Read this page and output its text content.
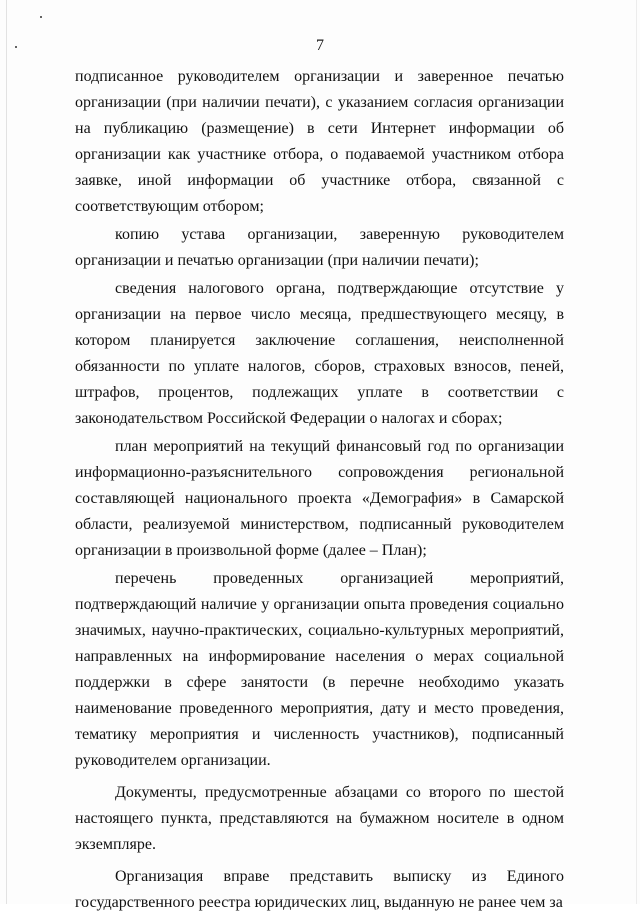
7

подписанное руководителем организации и заверенное печатью организации (при наличии печати), с указанием согласия организации на публикацию (размещение) в сети Интернет информации об организации как участнике отбора, о подаваемой участником отбора заявке, иной информации об участнике отбора, связанной с соответствующим отбором;

копию устава организации, заверенную руководителем организации и печатью организации (при наличии печати);

сведения налогового органа, подтверждающие отсутствие у организации на первое число месяца, предшествующего месяцу, в котором планируется заключение соглашения, неисполненной обязанности по уплате налогов, сборов, страховых взносов, пеней, штрафов, процентов, подлежащих уплате в соответствии с законодательством Российской Федерации о налогах и сборах;

план мероприятий на текущий финансовый год по организации информационно-разъяснительного сопровождения региональной составляющей национального проекта «Демография» в Самарской области, реализуемой министерством, подписанный руководителем организации в произвольной форме (далее – План);

перечень проведенных организацией мероприятий, подтверждающий наличие у организации опыта проведения социально значимых, научно-практических, социально-культурных мероприятий, направленных на информирование населения о мерах социальной поддержки в сфере занятости (в перечне необходимо указать наименование проведенного мероприятия, дату и место проведения, тематику мероприятия и численность участников), подписанный руководителем организации.

Документы, предусмотренные абзацами со второго по шестой настоящего пункта, представляются на бумажном носителе в одном экземпляре.

Организация вправе представить выписку из Единого государственного реестра юридических лиц, выданную не ранее чем за
